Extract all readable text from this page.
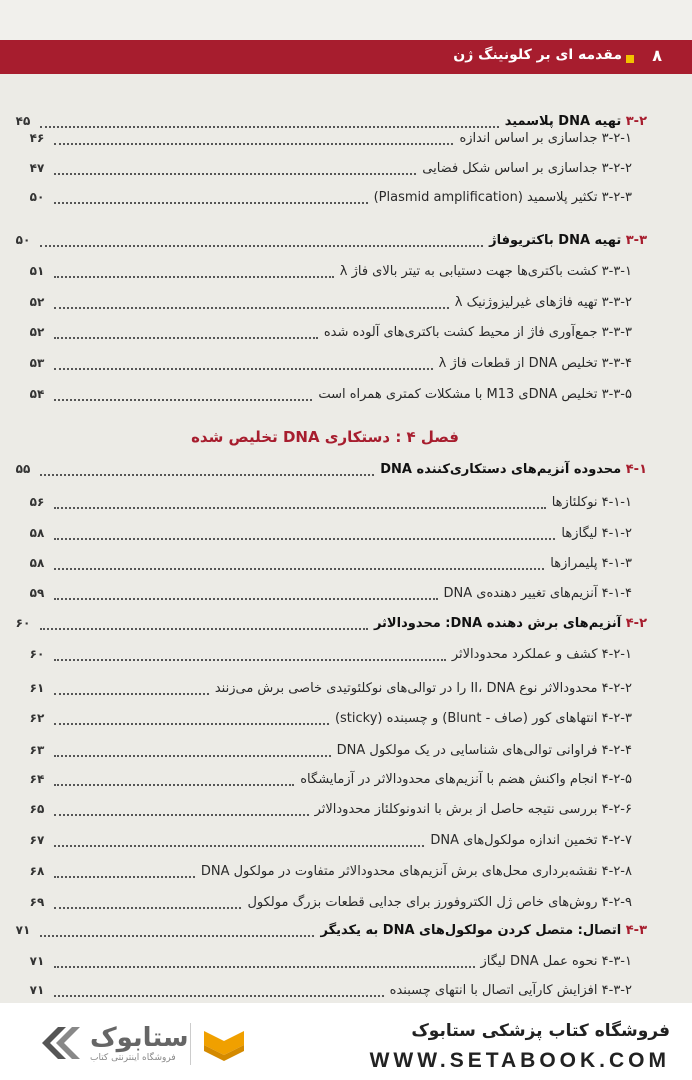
مقدمه ای بر کلونینگ ژن ۸
۳-۲ تهیه DNA پلاسمید
۴۵
۳-۲-۱ جداسازی بر اساس اندازه
۴۶
۳-۲-۲ جداسازی بر اساس شکل فضایی
۴۷
۳-۲-۳ تکثیر پلاسمید (Plasmid amplification)
۵۰
۳-۳ تهیه DNA باکتریوفاژ
۵۰
۳-۳-۱ کشت باکتری‌ها جهت دستیابی به تیتر بالای فاژ λ
۵۱
۳-۳-۲ تهیه فاژهای غیرلیزوژنیک λ
۵۲
۳-۳-۳ جمع‌آوری فاژ از محیط کشت باکتری‌های آلوده شده
۵۲
۳-۳-۴ تخلیص DNA از قطعات فاژ λ
۵۳
۳-۳-۵ تخلیص DNAی M13 با مشکلات کمتری همراه است
۵۴
۴-۱ محدوده آنزیم‌های دستکاری‌کننده DNA
۵۵
۴-۱-۱ نوکلئازها
۵۶
۴-۱-۲ لیگازها
۵۸
۴-۱-۳ پلیمرازها
۵۸
۴-۱-۴ آنزیم‌های تغییر دهنده‌ی DNA
۵۹
۴-۲ آنزیم‌های برش دهنده DNA: محدودالاثر
۶۰
۴-۲-۱ کشف و عملکرد محدودالاثر
۶۰
۴-۲-۲ محدودالاثر نوع II، DNA را در توالی‌های نوکلئوتیدی خاصی برش می‌زنند
۶۱
۴-۲-۳ انتهاهای کور (صاف - Blunt) و چسبنده (sticky)
۶۲
۴-۲-۴ فراوانی توالی‌های شناسایی در یک مولکول DNA
۶۳
۴-۲-۵ انجام واکنش هضم با آنزیم‌های محدودالاثر در آزمایشگاه
۶۴
۴-۲-۶ بررسی نتیجه حاصل از برش با اندونوکلئاز محدودالاثر
۶۵
۴-۲-۷ تخمین اندازه مولکول‌های DNA
۶۷
۴-۲-۸ نقشه‌برداری محل‌های برش آنزیم‌های محدودالاثر متفاوت در مولکول DNA
۶۸
۴-۲-۹ روش‌های خاص ژل الکتروفورز برای جدایی قطعات بزرگ مولکول
۶۹
۴-۳ اتصال: متصل کردن مولکول‌های DNA به یکدیگر
۷۱
۴-۳-۱ نحوه عمل DNA لیگاز
۷۱
۴-۳-۲ افزایش کارآیی اتصال با انتهای چسبنده
۷۱
فصل ۴ : دستکاری DNA تخلیص شده
ستابوک
فروشگاه اینترنتی کتاب
فروشگاه کتاب پزشکی ستابوک
WWW.SETABOOK.COM
